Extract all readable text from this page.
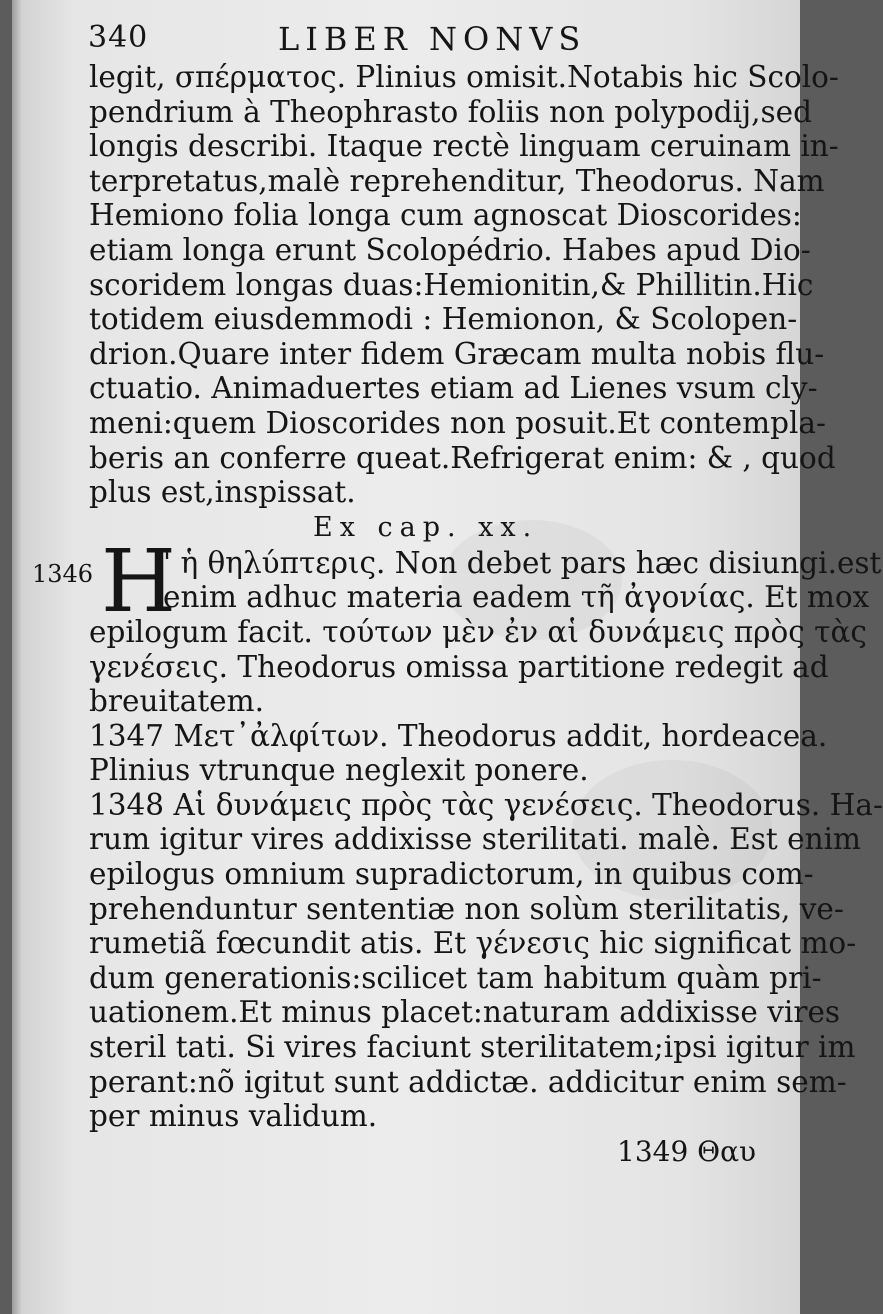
340	LIBER NONVS
1346
legit, σπέρματος. Plinius omisit.Notabis hic Scolo-
pendrium à Theophrasto foliis non polypodij,sed
longis describi. Itaque rectè linguam ceruinam in-
terpretatus,malè reprehenditur, Theodorus. Nam
Hemiono folia longa cum agnoscat Dioscorides:
etiam longa erunt Scolopédrio. Habes apud Dio-
scoridem longas duas:Hemionitin,& Phillitin.Hic
totidem eiusdemmodi : Hemionon, & Scolopen-
drion.Quare inter fidem Græcam multa nobis flu-
ctuatio. Animaduertes etiam ad Lienes vsum cly-
meni:quem Dioscorides non posuit.Et contempla-
beris an conferre queat.Refrigerat enim: & , quod
plus est,inspissat.
Ex cap. xx.
H
' ἡ θηλύπτερις. Non debet pars hæc disiungi.est
enim adhuc materia eadem τῆ ἀγονίας. Et mox
epilogum facit. τούτων μὲν ἐν αἱ δυνάμεις πρὸς τὰς
γενέσεις. Theodorus omissa partitione redegit ad
breuitatem.
1347 Μετ᾽ἀλφίτων. Theodorus addit, hordeacea.
Plinius vtrunque neglexit ponere.
1348 Αἱ δυνάμεις πρὸς τὰς γενέσεις. Theodorus. Ha-
rum igitur vires addixisse sterilitati. malè. Est enim
epilogus omnium supradictorum, in quibus com-
prehenduntur sententiæ non solùm sterilitatis, ve-
rumetiã fœcundit atis. Et γένεσις hic significat mo-
dum generationis:scilicet tam habitum quàm pri-
uationem.Et minus placet:naturam addixisse vires
steril tati. Si vires faciunt sterilitatem;ipsi igitur im
perant:nõ igitut sunt addictæ. addicitur enim sem-
per minus validum.
1349 Θαυ
